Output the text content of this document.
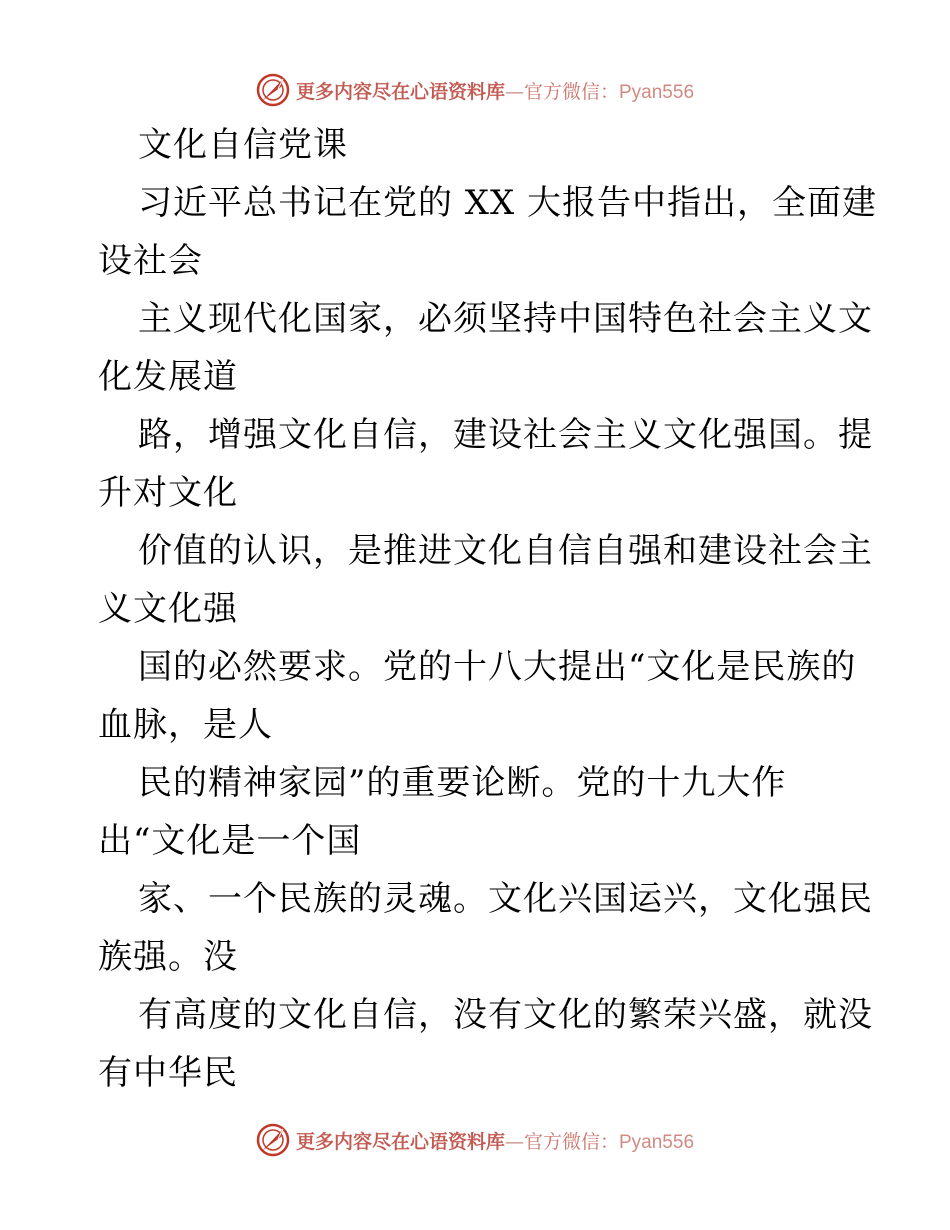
更多内容尽在心语资料库—官方微信：Pyan556
文化自信党课
习近平总书记在党的 XX 大报告中指出，全面建
设社会
主义现代化国家，必须坚持中国特色社会主义文
化发展道
路，增强文化自信，建设社会主义文化强国。提
升对文化
价值的认识，是推进文化自信自强和建设社会主
义文化强
国的必然要求。党的十八大提出“文化是民族的
血脉，是人
民的精神家园”的重要论断。党的十九大作
出“文化是一个国
家、一个民族的灵魂。文化兴国运兴，文化强民
族强。没
有高度的文化自信，没有文化的繁荣兴盛，就没
有中华民
更多内容尽在心语资料库—官方微信：Pyan556
